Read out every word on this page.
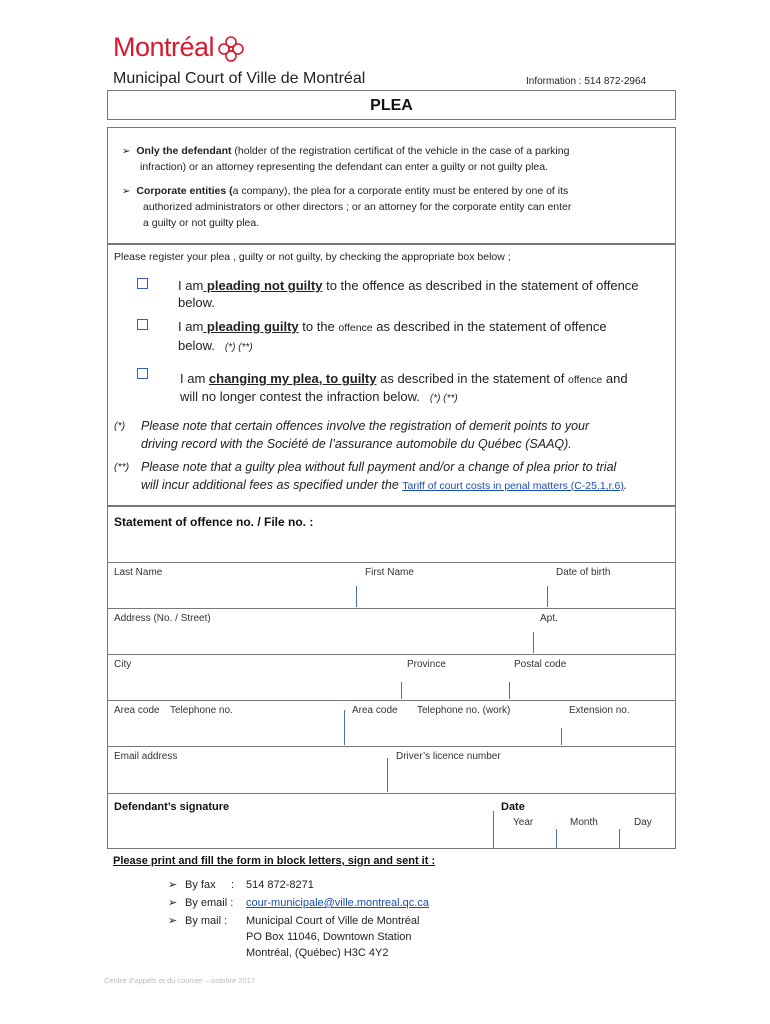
Montréal
Municipal Court of Ville de Montréal	Information : 514 872-2964
PLEA
➢ Only the defendant (holder of the registration certificat of the vehicle in the case of a parking
infraction) or an attorney representing the defendant can enter a guilty or not guilty plea.
➢ Corporate entities (a company), the plea for a corporate entity must be entered by one of its
authorized administrators or other directors ; or an attorney for the corporate entity can enter
a guilty or not guilty plea.
Please register your plea , guilty or not guilty, by checking the appropriate box below ;
I am pleading not guilty to the offence as described in the statement of offence
below.
I am pleading guilty to the offence as described in the statement of offence
below. (*) (**)
I am changing my plea, to guilty as described in the statement of offence and
will no longer contest the infraction below. (*) (**)
(*) Please note that certain offences involve the registration of demerit points to your
driving record with the Société de l’assurance automobile du Québec (SAAQ).
(**) Please note that a guilty plea without full payment and/or a change of plea prior to trial
will incur additional fees as specified under the Tariff of court costs in penal matters (C-25.1,r.6).
Statement of offence no. / File no. :
Last Name	First Name	Date of birth
Address (No. / Street)	Apt.
City	Province	Postal code
Area code Telephone no.	Area code Telephone no. (work)	Extension no.
Email address	Driver’s licence number
Defendant’s signature	Date
Year	Month	Day
Please print and fill the form in block letters, sign and sent it :
➢ By fax : 514 872-8271
➢ By email : cour-municipale@ville.montreal.qc.ca
➢ By mail : Municipal Court of Ville de Montréal
PO Box 11046, Downtown Station
Montréal, (Québec) H3C 4Y2
Centre d’appels et du courrier – octobre 2017
